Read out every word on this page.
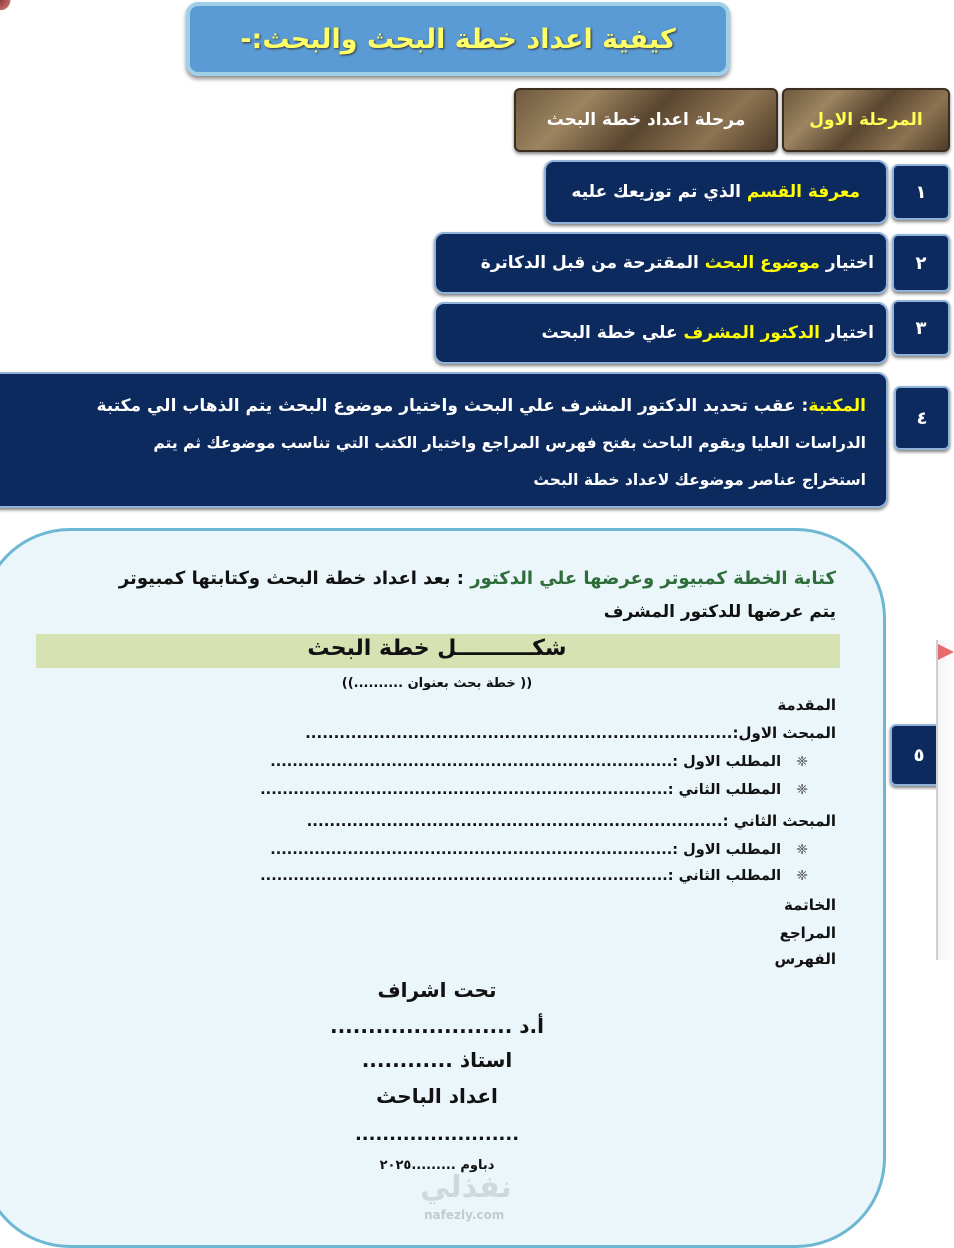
كيفية اعداد خطة البحث والبحث:-
المرحلة الاول
مرحلة اعداد خطة البحث
١
معرفة القسم الذي تم توزيعك عليه
٢
اختيار موضوع البحث المقترحة من قبل الدكاترة
٣
اختيار الدكتور المشرف علي خطة البحث
٤
المكتبة: عقب تحديد الدكتور المشرف علي البحث واختيار موضوع البحث يتم الذهاب الي مكتبة
الدراسات العليا ويقوم الباحث بفتح فهرس المراجع واختيار الكتب التي تناسب موضوعك ثم يتم
استخراج عناصر موضوعك لاعداد خطة البحث
٥
كتابة الخطة كمبيوتر وعرضها علي الدكتور : بعد اعداد خطة البحث وكتابتها كمبيوتر
يتم عرضها للدكتور المشرف
شكــــــــــل خطة البحث
(( خطة بحث بعنوان ..........))
المقدمة
المبحث الاول:...........................................................................
❈   المطلب الاول :.........................................................................
❈   المطلب الثاني :..........................................................................
المبحث الثاني :.........................................................................
❈   المطلب الاول :.........................................................................
❈   المطلب الثاني :..........................................................................
الخاتمة
المراجع
الفهرس
تحت اشراف
أ.د ........................
استاذ ............
اعداد الباحث
........................
دباوم .........٢٠٢٥
نفذلي
nafezly.com
